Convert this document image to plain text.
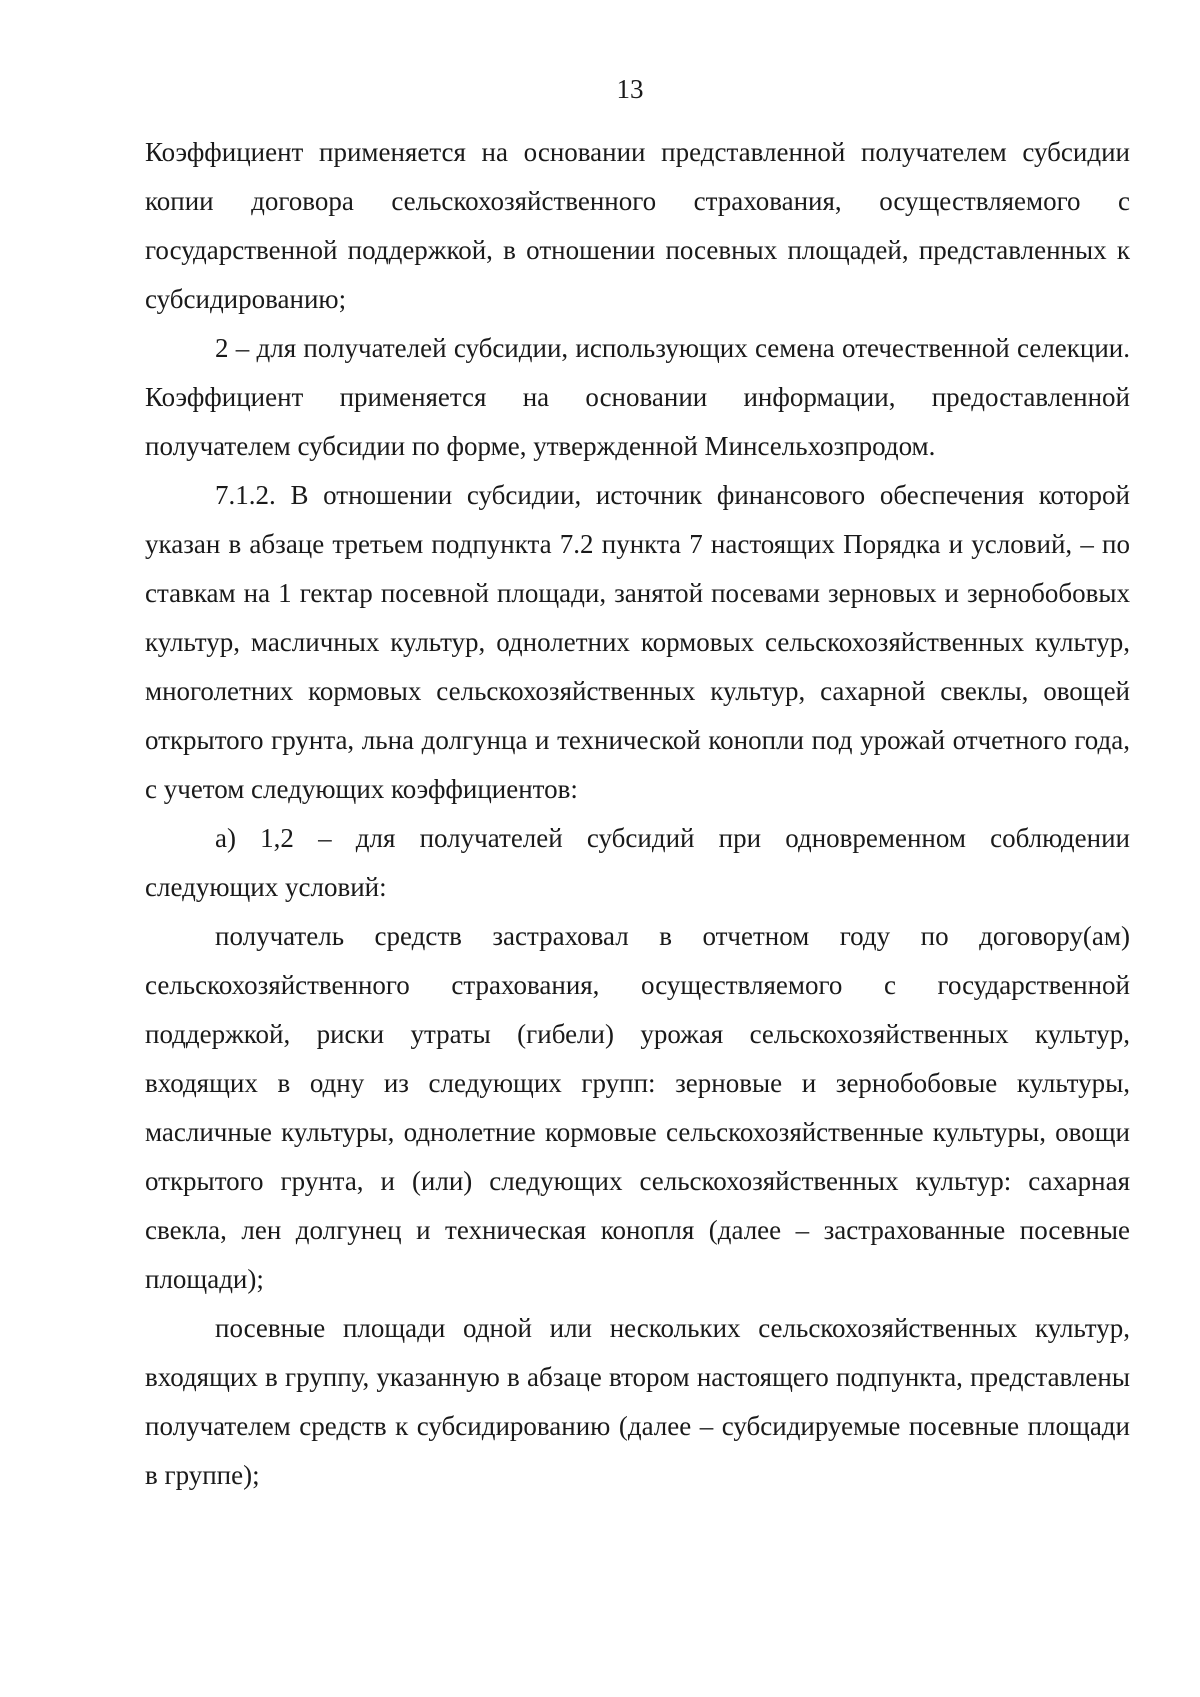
13

Коэффициент применяется на основании представленной получателем субсидии копии договора сельскохозяйственного страхования, осуществляемого с государственной поддержкой, в отношении посевных площадей, представленных к субсидированию;

2 – для получателей субсидии, использующих семена отечественной селекции. Коэффициент применяется на основании информации, предоставленной получателем субсидии по форме, утвержденной Минсельхозпродом.

7.1.2. В отношении субсидии, источник финансового обеспечения которой указан в абзаце третьем подпункта 7.2 пункта 7 настоящих Порядка и условий, – по ставкам на 1 гектар посевной площади, занятой посевами зерновых и зернобобовых культур, масличных культур, однолетних кормовых сельскохозяйственных культур, многолетних кормовых сельскохозяйственных культур, сахарной свеклы, овощей открытого грунта, льна долгунца и технической конопли под урожай отчетного года, с учетом следующих коэффициентов:

а) 1,2 – для получателей субсидий при одновременном соблюдении следующих условий:

получатель средств застраховал в отчетном году по договору(ам) сельскохозяйственного страхования, осуществляемого с государственной поддержкой, риски утраты (гибели) урожая сельскохозяйственных культур, входящих в одну из следующих групп: зерновые и зернобобовые культуры, масличные культуры, однолетние кормовые сельскохозяйственные культуры, овощи открытого грунта, и (или) следующих сельскохозяйственных культур: сахарная свекла, лен долгунец и техническая конопля (далее – застрахованные посевные площади);

посевные площади одной или нескольких сельскохозяйственных культур, входящих в группу, указанную в абзаце втором настоящего подпункта, представлены получателем средств к субсидированию (далее – субсидируемые посевные площади в группе);
